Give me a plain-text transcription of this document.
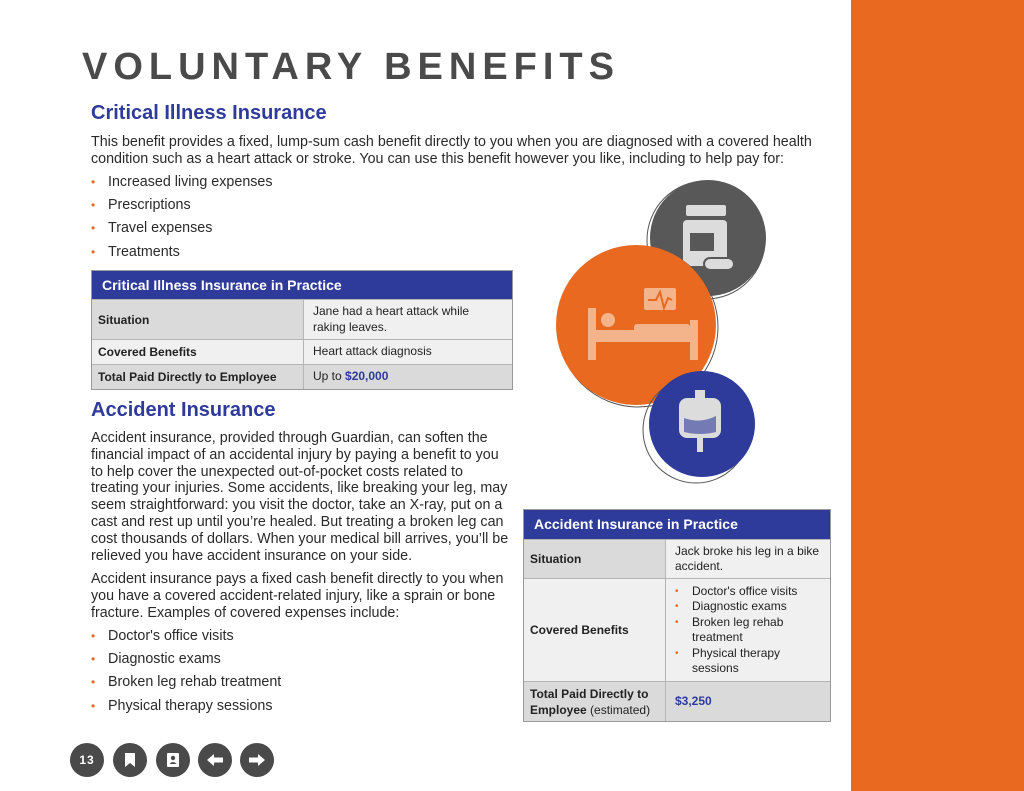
VOLUNTARY BENEFITS
Critical Illness Insurance

This benefit provides a fixed, lump-sum cash benefit directly to you when you are diagnosed with a covered health condition such as a heart attack or stroke. You can use this benefit however you like, including to help pay for:

• Increased living expenses
• Prescriptions
• Travel expenses
• Treatments
Critical Illness Insurance in Practice
Situation
Jane had a heart attack while raking leaves.
Covered Benefits	Heart attack diagnosis
Total Paid Directly to Employee	Up to
$20,000
Accident Insurance

Accident insurance, provided through Guardian, can soften the financial impact of an accidental injury by paying a benefit to you to help cover the unexpected out-of-pocket costs related to treating your injuries. Some accidents, like breaking your leg, may seem straightforward: you visit the doctor, take an X-ray, put on a cast and rest up until you’re healed. But treating a broken leg can cost thousands of dollars. When your medical bill arrives, you’ll be relieved you have accident insurance on your side.

Accident insurance pays a fixed cash benefit directly to you when you have a covered accident-related injury, like a sprain or bone fracture. Examples of covered expenses include:

• Doctor's office visits
• Diagnostic exams
• Broken leg rehab treatment
• Physical therapy sessions
Accident Insurance in Practice
Situation
Jack broke his leg in a bike accident.
Covered Benefits
• Doctor's office visits
• Diagnostic exams
• Broken leg rehab treatment
• Physical therapy sessions
Total Paid Directly to Employee (estimated)
$3,250
13
